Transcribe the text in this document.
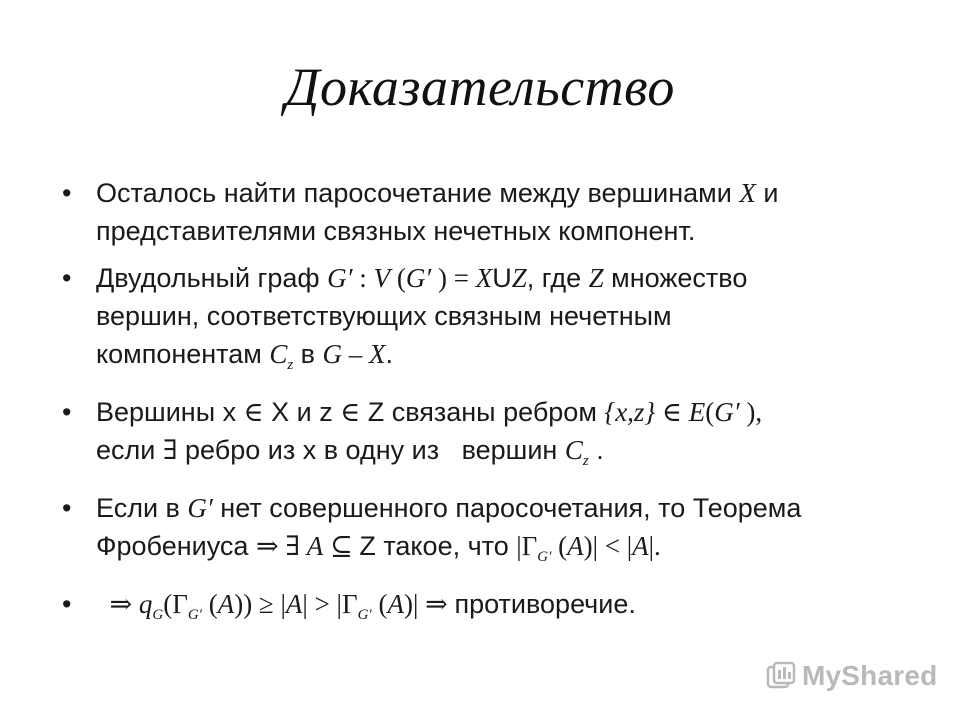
Доказательство
• Осталось найти паросочетание между вершинами X и
представителями связных нечетных компонент.
• Двудольный граф G′ : V (G′ ) = XUZ, где Z множество
вершин, соответствующих связным нечетным
компонентам $C_z$ в G – X.
• Вершины x ∈ X и z ∈ Z связаны ребром {x,z} ∈ E(G′ ),
если ∃ ребро из x в одну из   вершин $C_z$ .
• Если в G′ нет совершенного паросочетания, то Теорема
Фробениуса ⇒ ∃ A ⊆ Z такое, что $|\Gamma_{G'}$ (A)| < |A|.
• ⇒ $q_G(\Gamma_{G'}$ $(A)) \ge |A| > |\Gamma_{G'}$ (A)| ⇒ противоречие.
MyShared
